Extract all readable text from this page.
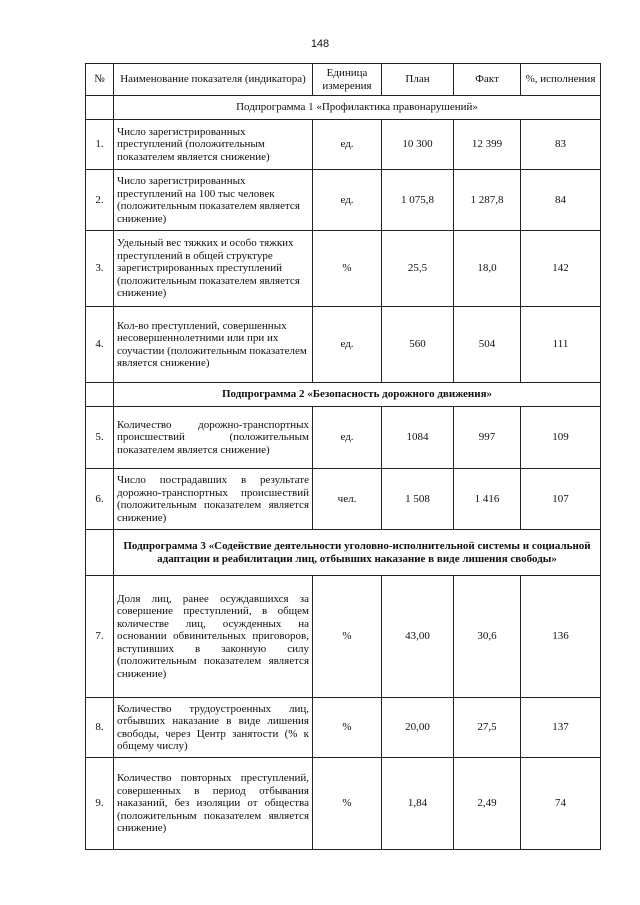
148
№	Наименование показателя (индикатора)	Единица измерения	План	Факт	%, исполнения
	Подпрограмма 1 «Профилактика правонарушений»				
1.	Число зарегистрированных преступлений (положительным показателем является снижение)	ед.	10 300	12 399	83
2.	Число зарегистрированных преступлений на 100 тыс человек (положительным показателем является снижение)	ед.	1 075,8	1 287,8	84
3.	Удельный вес тяжких и особо тяжких преступлений в общей структуре зарегистрированных преступлений (положительным показателем является снижение)	%	25,5	18,0	142
4.	Кол-во преступлений, совершенных несовершеннолетними или при их соучастии (положительным показателем является снижение)	ед.	560	504	111
	Подпрограмма 2 «Безопасность дорожного движения»				
5.	Количество дорожно-транспортных происшествий (положительным показателем является снижение)	ед.	1084	997	109
6.	Число пострадавших в результате дорожно-транспортных происшествий (положительным показателем является снижение)	чел.	1 508	1 416	107
	Подпрограмма 3 «Содействие деятельности уголовно-исполнительной системы и социальной адаптации и реабилитации лиц, отбывших наказание в виде лишения свободы»				
7.	Доля лиц, ранее осуждавшихся за совершение преступлений, в общем количестве лиц, осужденных на основании обвинительных приговоров, вступивших в законную силу (положительным показателем является снижение)	%	43,00	30,6	136
8.	Количество трудоустроенных лиц, отбывших наказание в виде лишения свободы, через Центр занятости (% к общему числу)	%	20,00	27,5	137
9.	Количество повторных преступлений, совершенных в период отбывания наказаний, без изоляции от общества (положительным показателем является снижение)	%	1,84	2,49	74
